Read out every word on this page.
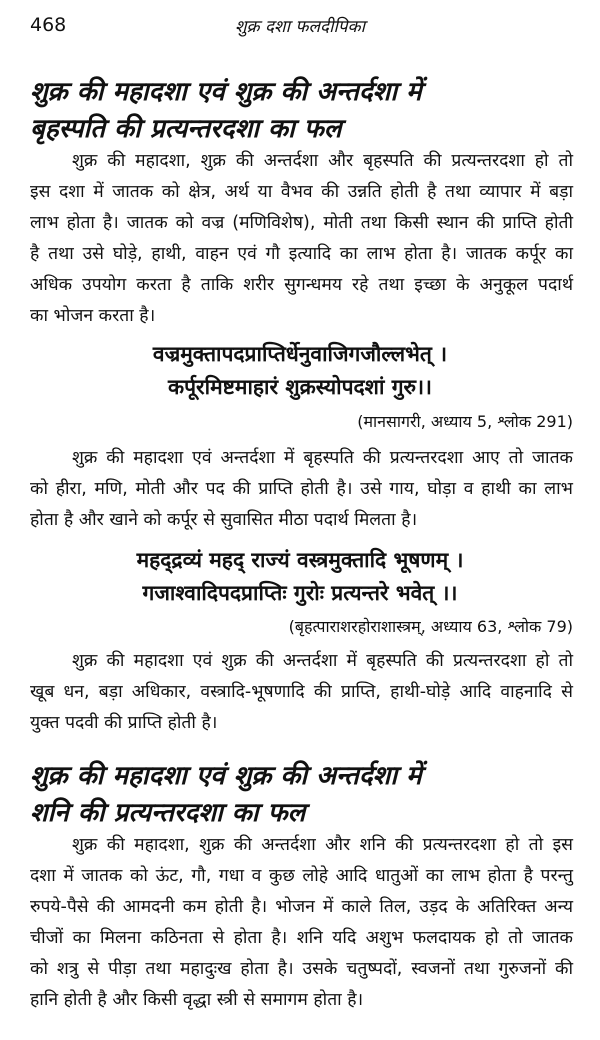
468	शुक्र दशा फलदीपिका
शुक्र की महादशा एवं शुक्र की अन्तर्दशा में
बृहस्पति की प्रत्यन्तरदशा का फल
शुक्र की महादशा, शुक्र की अन्तर्दशा और बृहस्पति की प्रत्यन्तरदशा हो तो
इस दशा में जातक को क्षेत्र, अर्थ या वैभव की उन्नति होती है तथा व्यापार में बड़ा
लाभ होता है। जातक को वज्र (मणिविशेष), मोती तथा किसी स्थान की प्राप्ति होती
है तथा उसे घोड़े, हाथी, वाहन एवं गौ इत्यादि का लाभ होता है। जातक कर्पूर का
अधिक उपयोग करता है ताकि शरीर सुगन्धमय रहे तथा इच्छा के अनुकूल पदार्थ
का भोजन करता है।
वज्रमुक्तापदप्राप्तिर्धेनुवाजिगजौल्लभेत् ।
कर्पूरमिष्टमाहारं शुक्रस्योपदशां गुरु।।
(मानसागरी, अध्याय 5, श्लोक 291)
शुक्र की महादशा एवं अन्तर्दशा में बृहस्पति की प्रत्यन्तरदशा आए तो जातक
को हीरा, मणि, मोती और पद की प्राप्ति होती है। उसे गाय, घोड़ा व हाथी का लाभ
होता है और खाने को कर्पूर से सुवासित मीठा पदार्थ मिलता है।
महद्द्रव्यं महद् राज्यं वस्त्रमुक्तादि भूषणम् ।
गजाश्वादिपदप्राप्तिः गुरोः प्रत्यन्तरे भवेत् ।।
(बृहत्पाराशरहोराशास्त्रम्, अध्याय 63, श्लोक 79)
शुक्र की महादशा एवं शुक्र की अन्तर्दशा में बृहस्पति की प्रत्यन्तरदशा हो तो
खूब धन, बड़ा अधिकार, वस्त्रादि-भूषणादि की प्राप्ति, हाथी-घोड़े आदि वाहनादि से
युक्त पदवी की प्राप्ति होती है।
शुक्र की महादशा एवं शुक्र की अन्तर्दशा में
शनि की प्रत्यन्तरदशा का फल
शुक्र की महादशा, शुक्र की अन्तर्दशा और शनि की प्रत्यन्तरदशा हो तो इस
दशा में जातक को ऊंट, गौ, गधा व कुछ लोहे आदि धातुओं का लाभ होता है परन्तु
रुपये-पैसे की आमदनी कम होती है। भोजन में काले तिल, उड़द के अतिरिक्त अन्य
चीजों का मिलना कठिनता से होता है। शनि यदि अशुभ फलदायक हो तो जातक
को शत्रु से पीड़ा तथा महादुःख होता है। उसके चतुष्पदों, स्वजनों तथा गुरुजनों की
हानि होती है और किसी वृद्धा स्त्री से समागम होता है।
